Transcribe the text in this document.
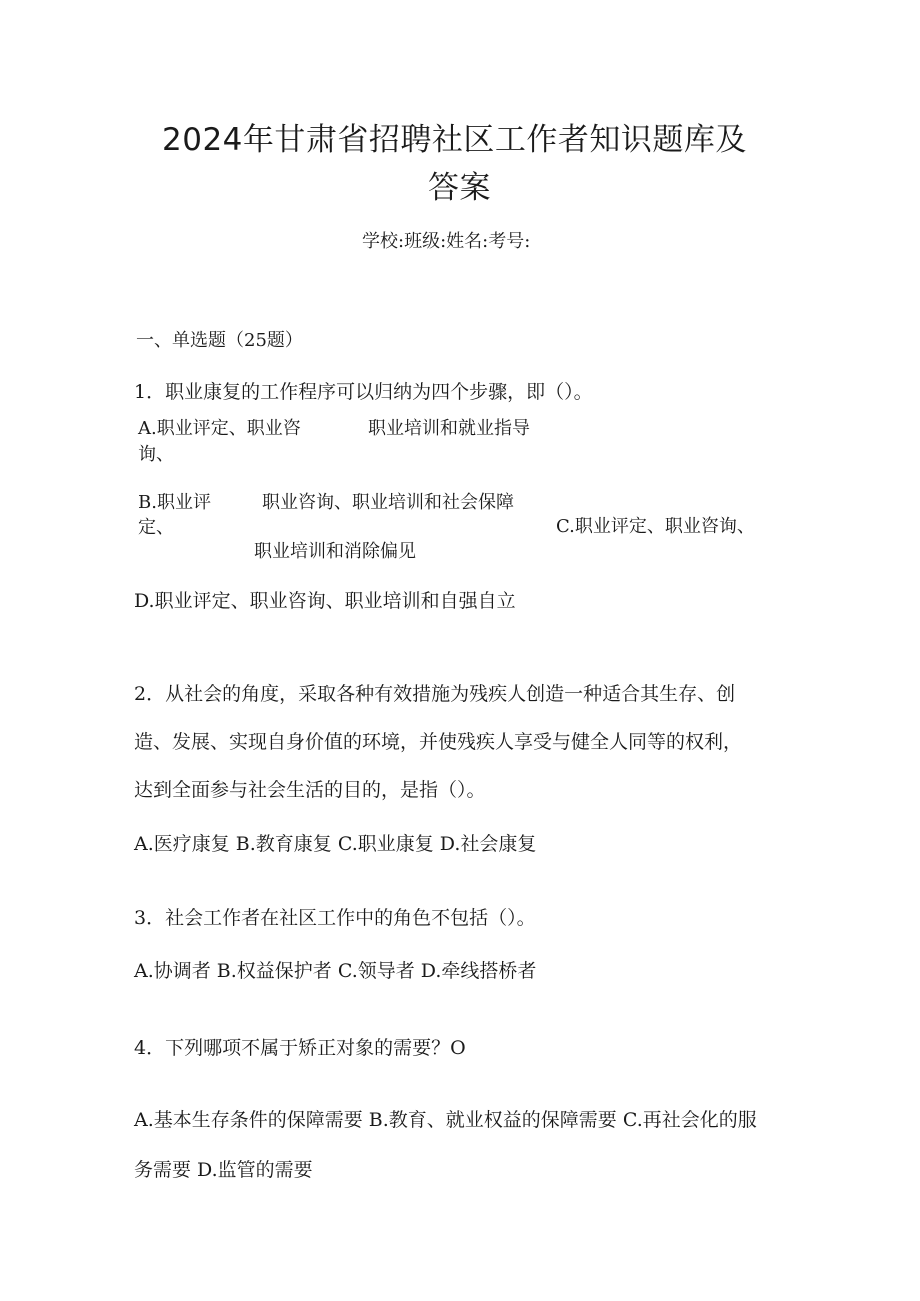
2024年甘肃省招聘社区工作者知识题库及
答案
学校:班级:姓名:考号:
一、单选题（25题）
1．职业康复的工作程序可以归纳为四个步骤，即（）。
A.职业评定、职业咨
询、
职业培训和就业指导
B.职业评
定、
职业咨询、职业培训和社会保障
C.职业评定、职业咨询、
职业培训和消除偏见
D.职业评定、职业咨询、职业培训和自强自立
2．从社会的角度，采取各种有效措施为残疾人创造一种适合其生存、创
造、发展、实现自身价值的环境，并使残疾人享受与健全人同等的权利，
达到全面参与社会生活的目的，是指（）。
A.医疗康复 B.教育康复 C.职业康复 D.社会康复
3．社会工作者在社区工作中的角色不包括（）。
A.协调者 B.权益保护者 C.领导者 D.牵线搭桥者
4．下列哪项不属于矫正对象的需要？O
A.基本生存条件的保障需要 B.教育、就业权益的保障需要 C.再社会化的服
务需要 D.监管的需要
